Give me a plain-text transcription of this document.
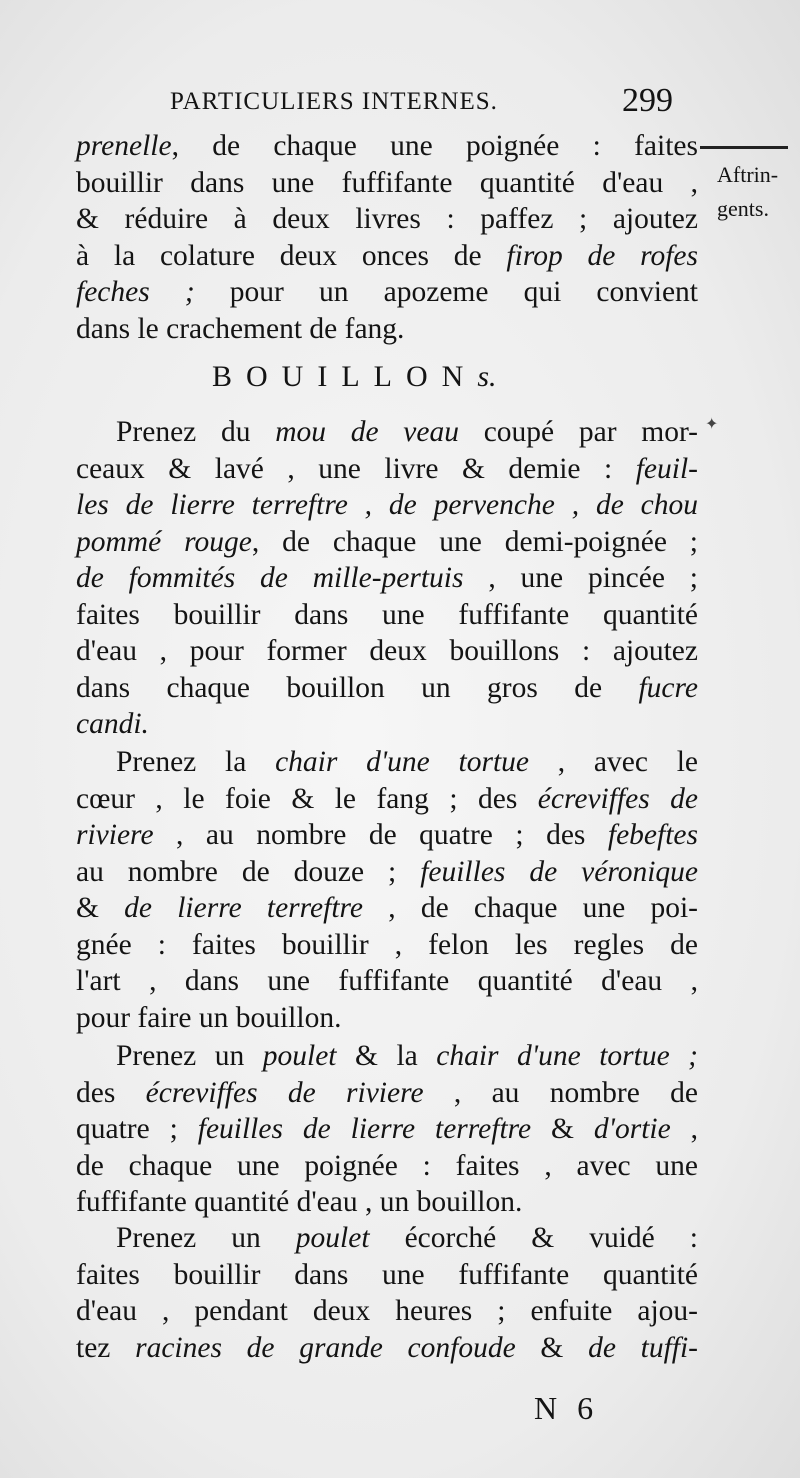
PARTICULIERS INTERNES.	299
Aftrin-
gents.
prenelle, de chaque une poignée : faites
bouillir dans une fuffifante quantité d'eau ,
& réduire à deux livres : paffez ; ajoutez
à la colature deux onces de firop de rofes
feches ; pour un apozeme qui convient
dans le crachement de fang.
BOUILLONs.
✦
Prenez du mou de veau coupé par mor-
ceaux & lavé , une livre & demie : feuil-
les de lierre terreftre , de pervenche , de chou
pommé rouge, de chaque une demi-poignée ;
de fommités de mille-pertuis , une pincée ;
faites bouillir dans une fuffifante quantité
d'eau , pour former deux bouillons : ajoutez
dans chaque bouillon un gros de fucre
candi.
Prenez la chair d'une tortue , avec le
cœur , le foie & le fang ; des écreviffes de
riviere , au nombre de quatre ; des febeftes
au nombre de douze ; feuilles de véronique
& de lierre terreftre , de chaque une poi-
gnée : faites bouillir , felon les regles de
l'art , dans une fuffifante quantité d'eau ,
pour faire un bouillon.
Prenez un poulet & la chair d'une tortue ;
des écreviffes de riviere , au nombre de
quatre ; feuilles de lierre terreftre & d'ortie ,
de chaque une poignée : faites , avec une
fuffifante quantité d'eau , un bouillon.
Prenez un poulet écorché & vuidé :
faites bouillir dans une fuffifante quantité
d'eau , pendant deux heures ; enfuite ajou-
tez racines de grande confoude & de tuffi-
N 6
